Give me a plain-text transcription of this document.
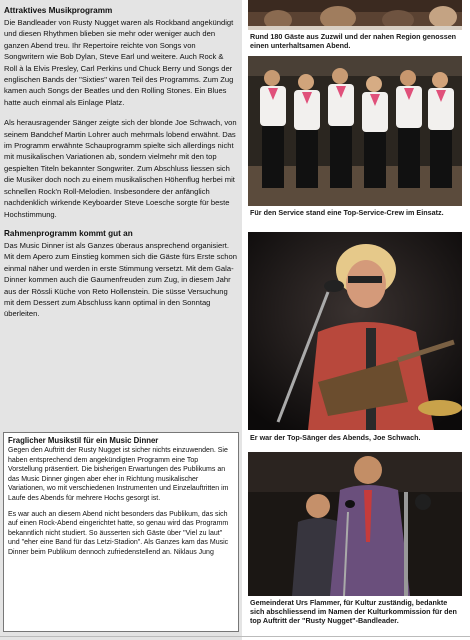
Attraktives Musikprogramm
Die Bandleader von Rusty Nugget waren als Rockband angekündigt und diesen Rhythmen blieben sie mehr oder weniger auch den ganzen Abend treu. Ihr Repertoire reichte von Songs von Songwritern wie Bob Dylan, Steve Earl und weitere. Auch Rock & Roll à la Elvis Presley, Carl Perkins und Chuck Berry und Songs der englischen Bands der "Sixties" waren Teil des Programms. Zum Zug kamen auch Songs der Beatles und den Rolling Stones. Ein Blues hatte auch einmal als Einlage Platz.
Als herausragender Sänger zeigte sich der blonde Joe Schwach, von seinem Bandchef Martin Lohrer auch mehrmals lobend erwähnt. Das im Programm erwähnte Schauprogramm spielte sich allerdings nicht mit musikalischen Variationen ab, sondern vielmehr mit den top gespielten Titeln bekannter Songwriter. Zum Abschluss liessen sich die Musiker doch noch zu einem musikalischen Höhenflug herbei mit schnellen Rock'n Roll-Melodien. Insbesondere der anfänglich nachdenklich wirkende Keyboarder Steve Loesche sorgte für beste Hochstimmung.
Rahmenprogramm kommt gut an
Das Music Dinner ist als Ganzes überaus ansprechend organisiert. Mit dem Apero zum Einstieg kommen sich die Gäste fürs Erste schon einmal näher und werden in erste Stimmung versetzt. Mit dem Gala-Dinner kommen auch die Gaumenfreuden zum Zug, in diesem Jahr aus der Rössli Küche von Reto Hollenstein. Die süsse Versuchung mit dem Dessert zum Abschluss kann optimal in den Sonntag überleiten.
Fraglicher Musikstil für ein Music Dinner
Gegen den Auftritt der Rusty Nugget ist sicher nichts einzuwenden. Sie haben entsprechend dem angekündigten Programm eine Top Vorstellung präsentiert. Die bisherigen Erwartungen des Publikums an das Music Dinner gingen aber eher in Richtung musikalischer Variationen, wo mit verschiedenen Instrumenten und Einzelauftritten im Laufe des Abends für mehrere Hochs gesorgt ist.
Es war auch an diesem Abend nicht besonders das Publikum, das sich auf einen Rock-Abend eingerichtet hatte, so genau wird das Programm bekanntlich nicht studiert. So äusserten sich Gäste über "Viel zu laut" und "eher eine Band für das Letzi-Stadion". Als Ganzes kam das Music Dinner beim Publikum dennoch zufriedenstellend an. Niklaus Jung
Rund 180 Gäste aus Zuzwil und der nahen Region genossen einen unterhaltsamen Abend.
Für den Service stand eine Top-Service-Crew im Einsatz.
Er war der Top-Sänger des Abends, Joe Schwach.
Gemeinderat Urs Flammer, für Kultur zuständig, bedankte sich abschliessend im Namen der Kulturkommission für den top Auftritt der "Rusty Nugget"-Bandleader.
